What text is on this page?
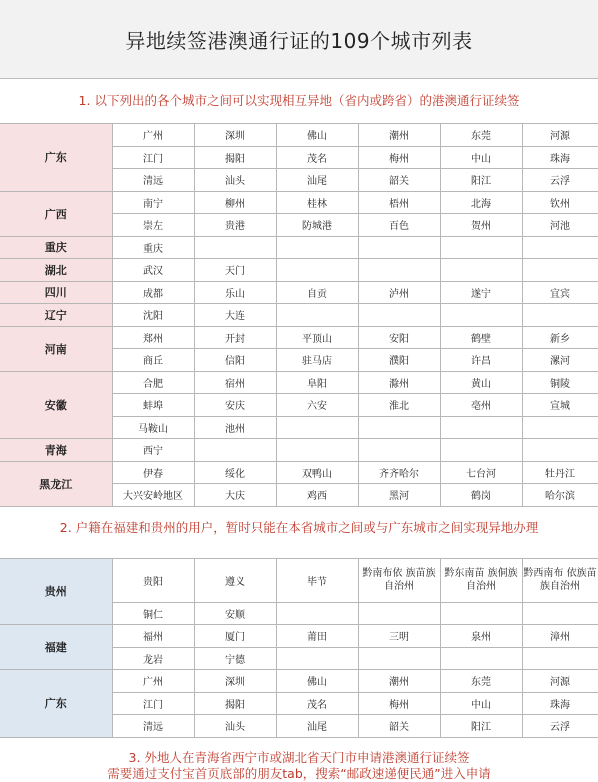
异地续签港澳通行证的109个城市列表
1. 以下列出的各个城市之间可以实现相互异地（省内或跨省）的港澳通行证续签
广东	广州	深圳	佛山	潮州	东莞	河源	
	江门	揭阳	茂名	梅州	中山	珠海	
	清远	汕头	汕尾	韶关	阳江	云浮	
广西	南宁	柳州	桂林	梧州	北海	钦州	
	崇左	贵港	防城港	百色	贺州	河池	
重庆	重庆						
湖北	武汉	天门					
四川	成都	乐山	自贡	泸州	遂宁	宜宾	
辽宁	沈阳	大连					
河南	郑州	开封	平顶山	安阳	鹤壁	新乡	
	商丘	信阳	驻马店	濮阳	许昌	漯河	
安徽	合肥	宿州	阜阳	滁州	黄山	铜陵	
	蚌埠	安庆	六安	淮北	亳州	宣城	
	马鞍山	池州					
青海	西宁						
黑龙江	伊春	绥化	双鸭山	齐齐哈尔	七台河	牡丹江	
	大兴安岭地区	大庆	鸡西	黑河	鹤岗	哈尔滨	
2. 户籍在福建和贵州的用户，暂时只能在本省城市之间或与广东城市之间实现异地办理
贵州	贵阳	遵义	毕节	黔南布依 族苗族自治州	黔东南苗 族侗族自治州	黔西南布 依族苗族自治州	
	铜仁	安顺					
福建	福州	厦门	莆田	三明	泉州	漳州	
	龙岩	宁德					
广东	广州	深圳	佛山	潮州	东莞	河源	
	江门	揭阳	茂名	梅州	中山	珠海	
	清远	汕头	汕尾	韶关	阳江	云浮	
3. 外地人在青海省西宁市或湖北省天门市申请港澳通行证续签
需要通过支付宝首页底部的朋友tab，搜索“邮政速递便民通”进入申请
